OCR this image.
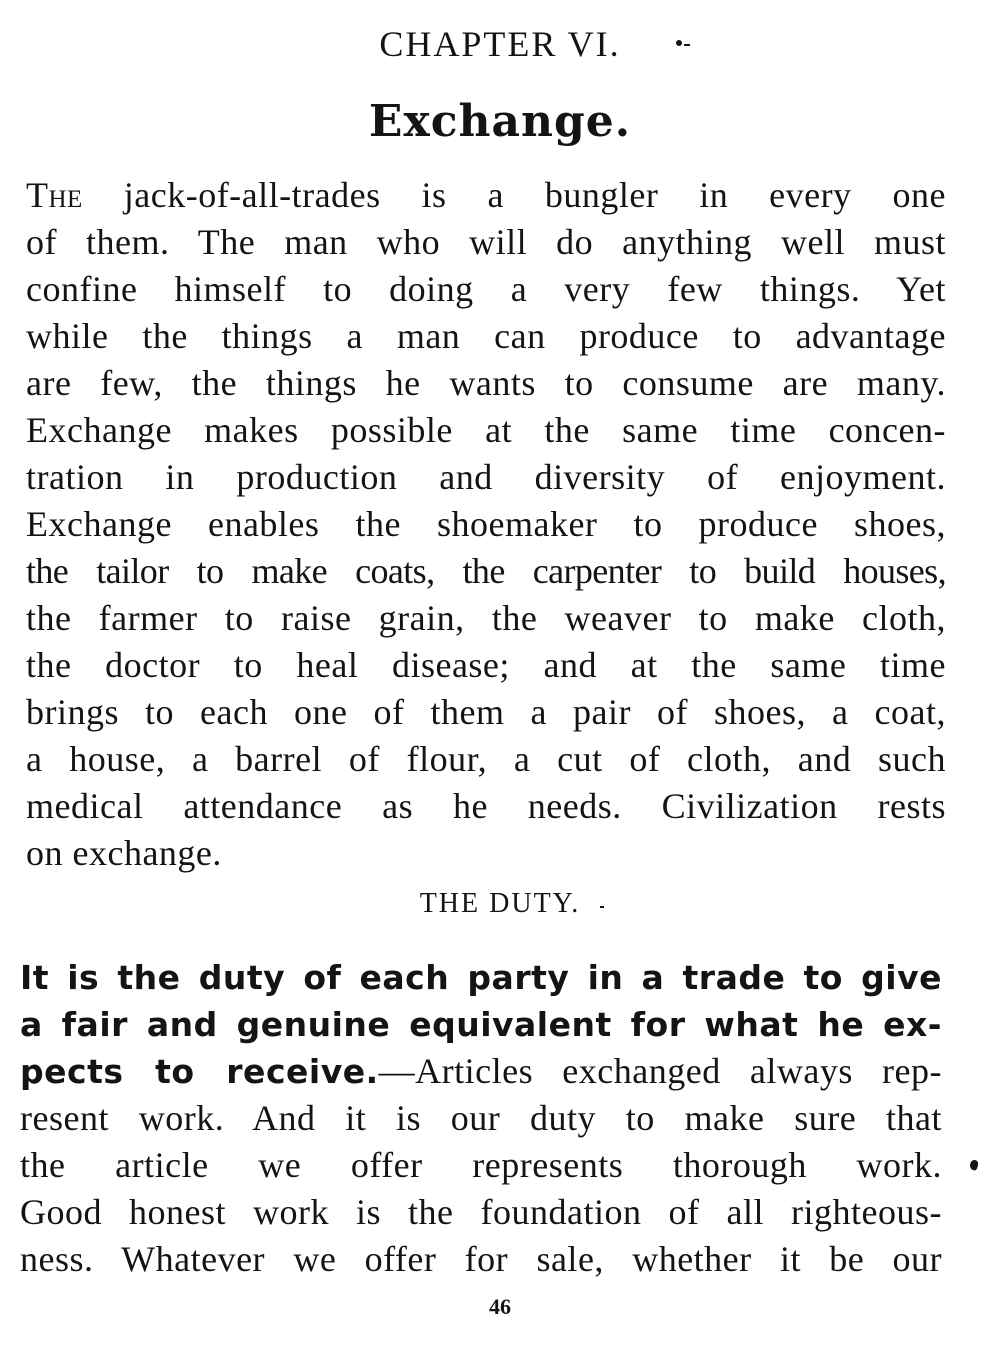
CHAPTER VI.
Exchange.
The jack-of-all-trades is a bungler in every one
of them. The man who will do anything well must
confine himself to doing a very few things. Yet
while the things a man can produce to advantage
are few, the things he wants to consume are many.
Exchange makes possible at the same time concen-
tration in production and diversity of enjoyment.
Exchange enables the shoemaker to produce shoes,
the tailor to make coats, the carpenter to build houses,
the farmer to raise grain, the weaver to make cloth,
the doctor to heal disease; and at the same time
brings to each one of them a pair of shoes, a coat,
a house, a barrel of flour, a cut of cloth, and such
medical attendance as he needs. Civilization rests
on exchange.
THE DUTY.
It is the duty of each party in a trade to give
a fair and genuine equivalent for what he ex-
pects to receive.—Articles exchanged always rep-
resent work. And it is our duty to make sure that
the article we offer represents thorough work.
Good honest work is the foundation of all righteous-
ness. Whatever we offer for sale, whether it be our
46
